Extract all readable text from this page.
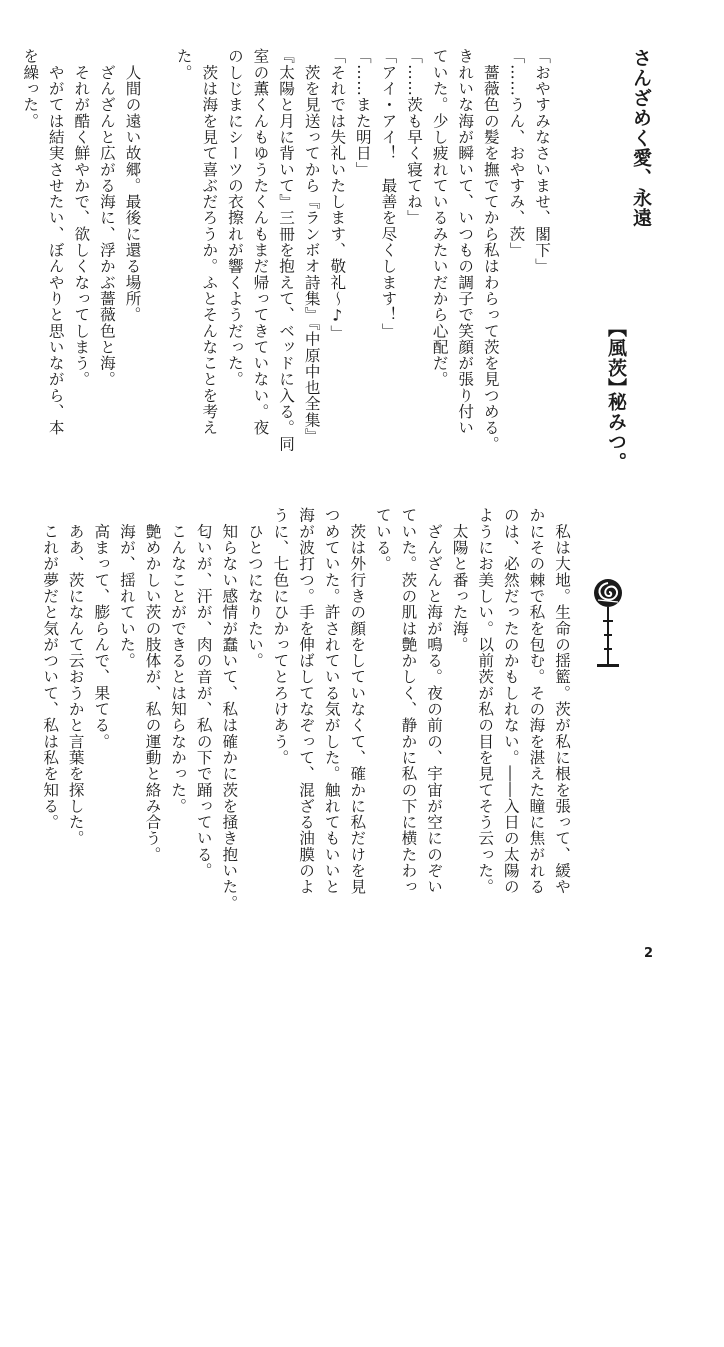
さんざめく愛、永遠
【風茨】
秘みつ。
「おやすみなさいませ、閣下」
「……うん、おやすみ、茨」
　薔薇色の髪を撫でてから私はわらって茨を見つめる。
きれいな海が瞬いて、いつもの調子で笑顔が張り付い
ていた。少し疲れているみたいだから心配だ。
「……茨も早く寝てね」
「アイ・アイ！　最善を尽くします！」
「……また明日」
「それでは失礼いたします、敬礼〜♪」
　茨を見送ってから『ランボオ詩集』『中原中也全集』
『太陽と月に背いて』三冊を抱えて、ベッドに入る。同
室の薫くんもゆうたくんもまだ帰ってきていない。夜
のしじまにシーツの衣擦れが響くようだった。
　茨は海を見て喜ぶだろうか。ふとそんなことを考え
た。
　人間の遠い故郷。最後に還る場所。
　ざんざんと広がる海に、浮かぶ薔薇色と海。
　それが酷く鮮やかで、欲しくなってしまう。
　やがては結実させたい、ぼんやりと思いながら、本
を繰った。
　私は大地。生命の揺籃。茨が私に根を張って、緩や
かにその棘で私を包む。その海を湛えた瞳に焦がれる
のは、必然だったのかもしれない。――入日の太陽の
ようにお美しい。以前茨が私の目を見てそう云った。
　太陽と番った海。
　ざんざんと海が鳴る。夜の前の、宇宙が空にのぞい
ていた。茨の肌は艶かしく、静かに私の下に横たわっ
ている。
　茨は外行きの顔をしていなくて、確かに私だけを見
つめていた。許されている気がした。触れてもいいと
海が波打つ。手を伸ばしてなぞって、混ざる油膜のよ
うに、七色にひかってとろけあう。
　ひとつになりたい。
　知らない感情が蠢いて、私は確かに茨を掻き抱いた。
　匂いが、汗が、肉の音が、私の下で踊っている。
　こんなことができるとは知らなかった。
　艶めかしい茨の肢体が、私の運動と絡み合う。
　海が、揺れていた。
　高まって、膨らんで、果てる。
　ああ、茨になんて云おうかと言葉を探した。
　これが夢だと気がついて、私は私を知る。
2
